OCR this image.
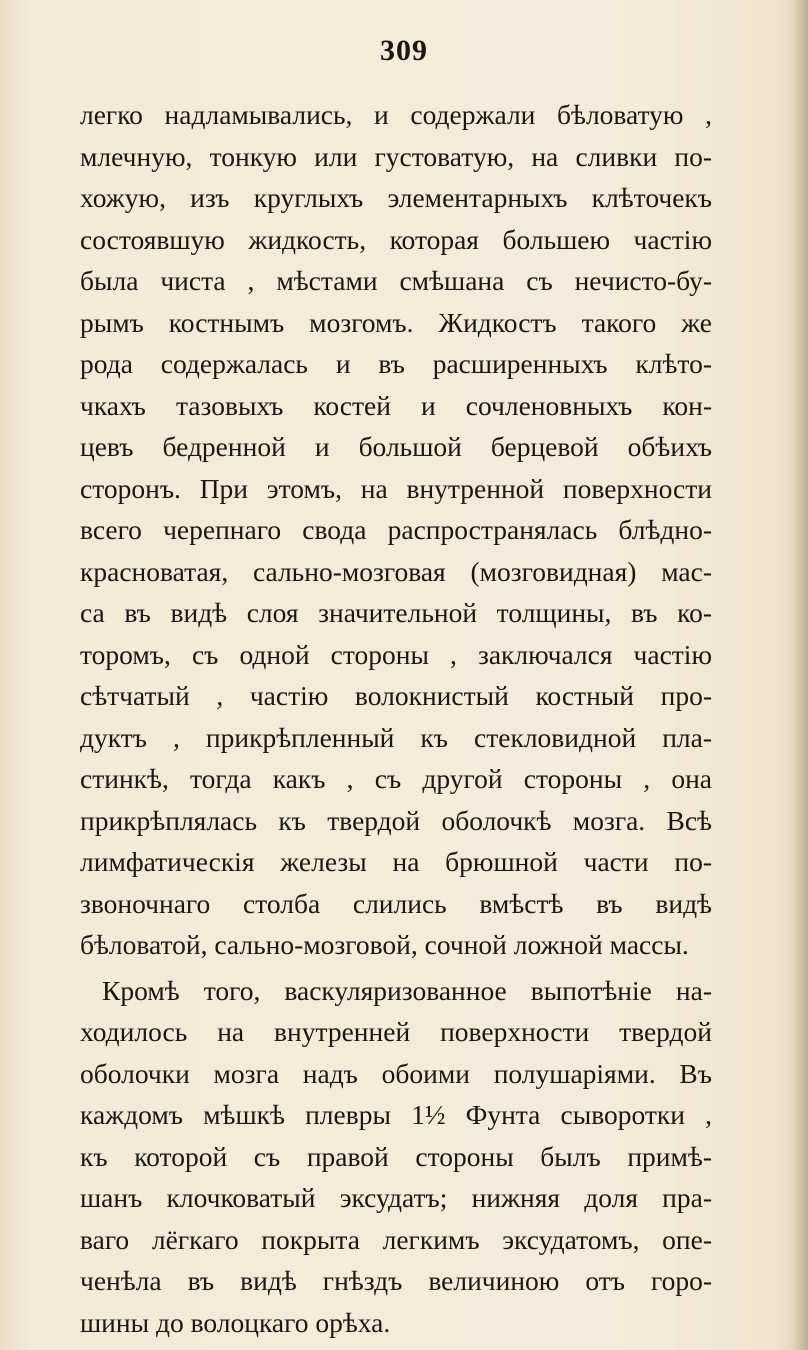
309
легко надламывались, и содержали бѣловатую ,
млечную, тонкую или густоватую, на сливки по-
хожую, изъ круглыхъ элементарныхъ клѣточекъ
состоявшую жидкость, которая большею частію
была чиста , мѣстами смѣшана съ нечисто-бу-
рымъ костнымъ мозгомъ. Жидкостъ такого же
рода содержалась и въ расширенныхъ клѣто-
чкахъ тазовыхъ костей и сочленовныхъ кон-
цевъ бедренной и большой берцевой обѣихъ
сторонъ. При этомъ, на внутренной поверхности
всего черепнаго свода распространялась блѣдно-
красноватая, сально-мозговая (мозговидная) мас-
са въ видѣ слоя значительной толщины, въ ко-
торомъ, съ одной стороны , заключался частію
сѣтчатый , частію волокнистый костный про-
дуктъ , прикрѣпленный къ стекловидной пла-
стинкѣ, тогда какъ , съ другой стороны , она
прикрѣплялась къ твердой оболочкѣ мозга. Всѣ
лимфатическія железы на брюшной части по-
звоночнаго столба слились вмѣстѣ въ видѣ
бѣловатой, сально-мозговой, сочной ложной массы.
Кромѣ того, васкуляризованное выпотѣніе на-
ходилось на внутренней поверхности твердой
оболочки мозга надъ обоими полушаріями. Въ
каждомъ мѣшкѣ плевры 1½ Фунта сыворотки ,
къ которой съ правой стороны былъ примѣ-
шанъ клочковатый эксудатъ; нижняя доля пра-
ваго лёгкаго покрыта легкимъ эксудатомъ, опе-
ченѣла въ видѣ гнѣздъ величиною отъ горо-
шины до волоцкаго орѣха.
